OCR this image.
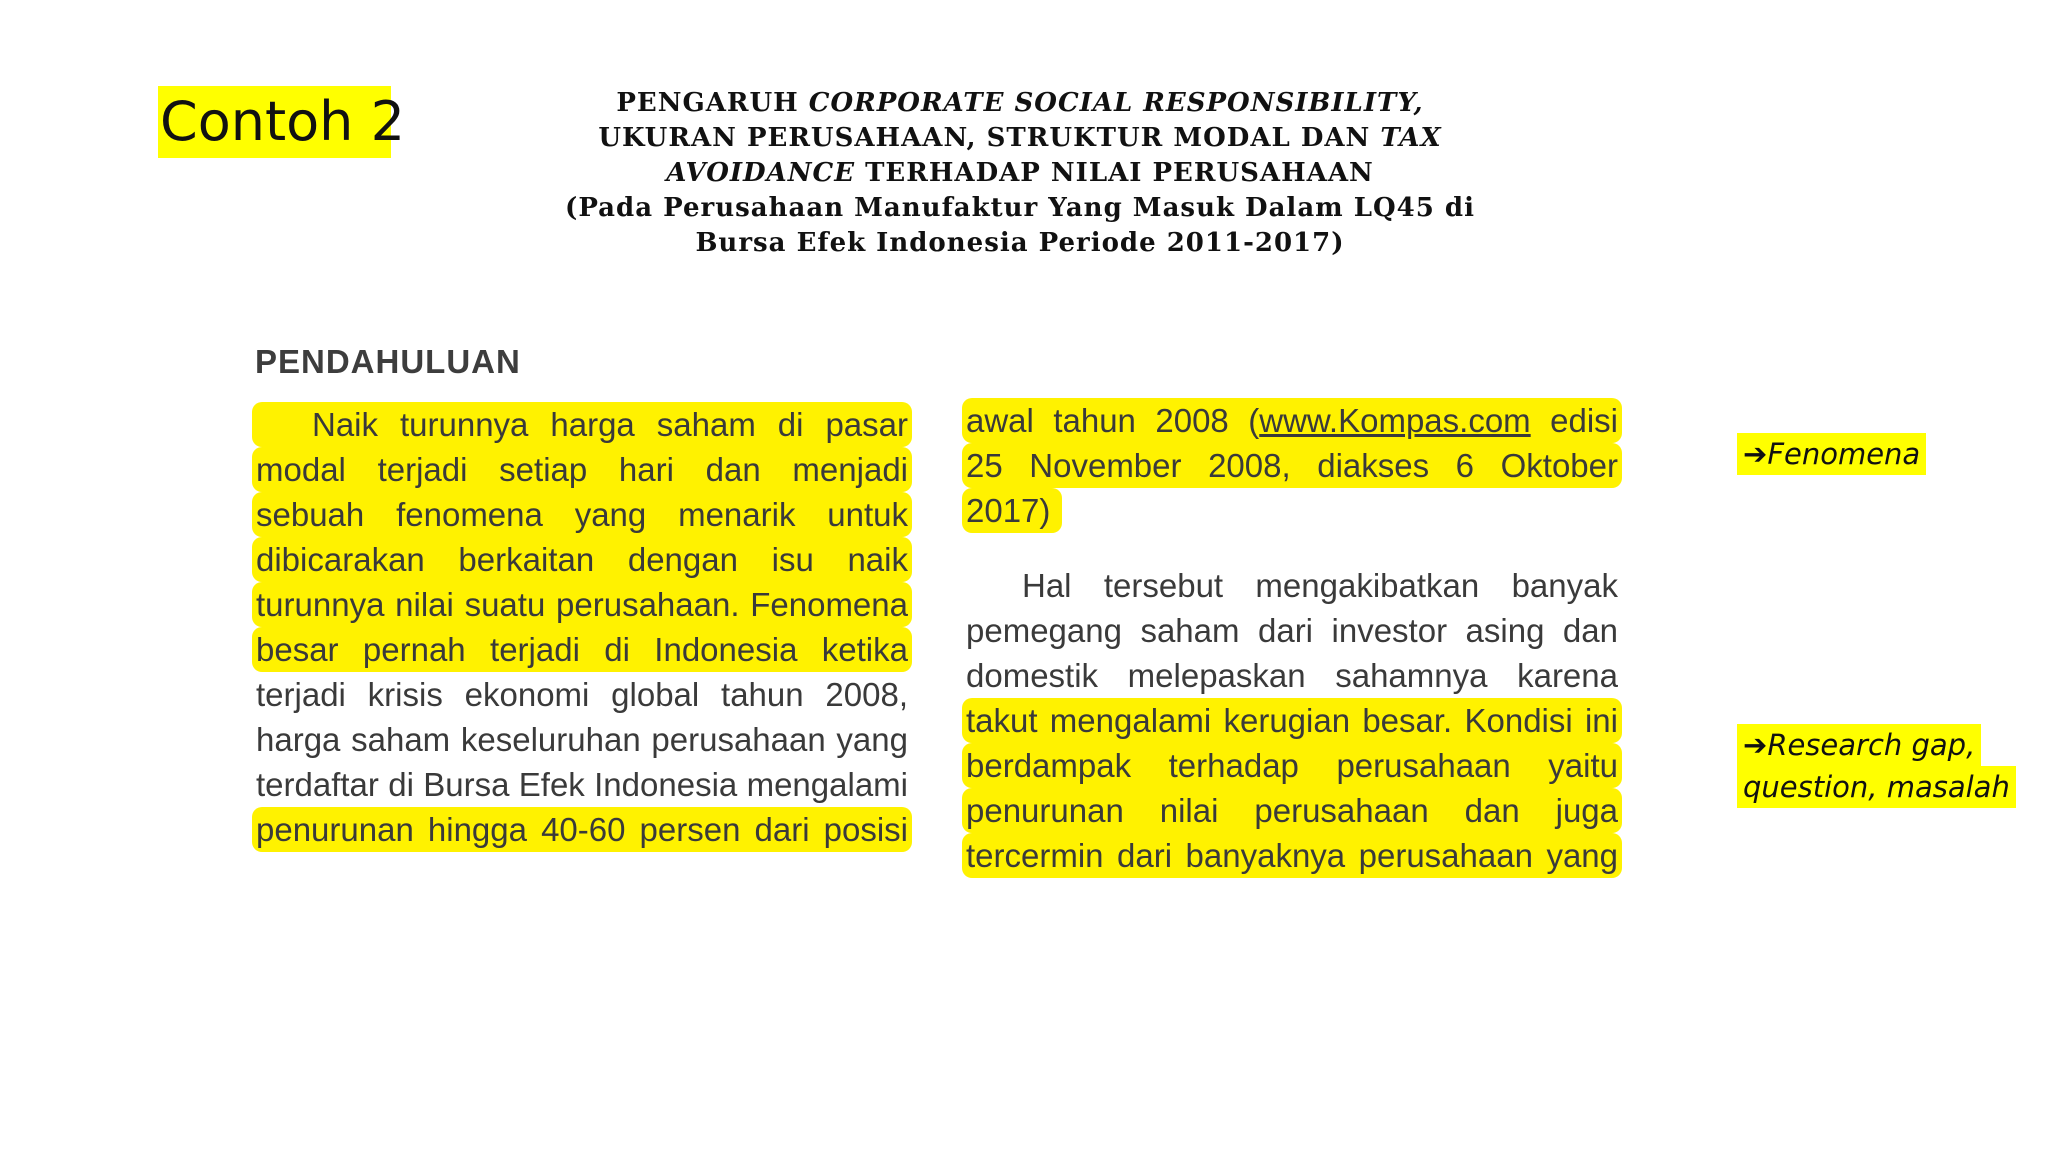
Contoh 2	PENGARUH CORPORATE SOCIAL RESPONSIBILITY,
UKURAN PERUSAHAAN, STRUKTUR MODAL DAN TAX
AVOIDANCE TERHADAP NILAI PERUSAHAAN
(Pada Perusahaan Manufaktur Yang Masuk Dalam LQ45 di
Bursa Efek Indonesia Periode 2011-2017)
PENDAHULUAN
Naik turunnya harga saham di pasar
modal terjadi setiap hari dan menjadi
sebuah fenomena yang menarik untuk
dibicarakan berkaitan dengan isu naik
turunnya nilai suatu perusahaan. Fenomena
besar pernah terjadi di Indonesia ketika
terjadi krisis ekonomi global tahun 2008,
harga saham keseluruhan perusahaan yang
terdaftar di Bursa Efek Indonesia mengalami
penurunan hingga 40-60 persen dari posisi
awal tahun 2008 (www.Kompas.com edisi
25 November 2008, diakses 6 Oktober
2017)
Hal tersebut mengakibatkan banyak
pemegang saham dari investor asing dan
domestik melepaskan sahamnya karena
takut mengalami kerugian besar. Kondisi ini
berdampak terhadap perusahaan yaitu
penurunan nilai perusahaan dan juga
tercermin dari banyaknya perusahaan yang
➔Fenomena
➔Research gap,
question, masalah
